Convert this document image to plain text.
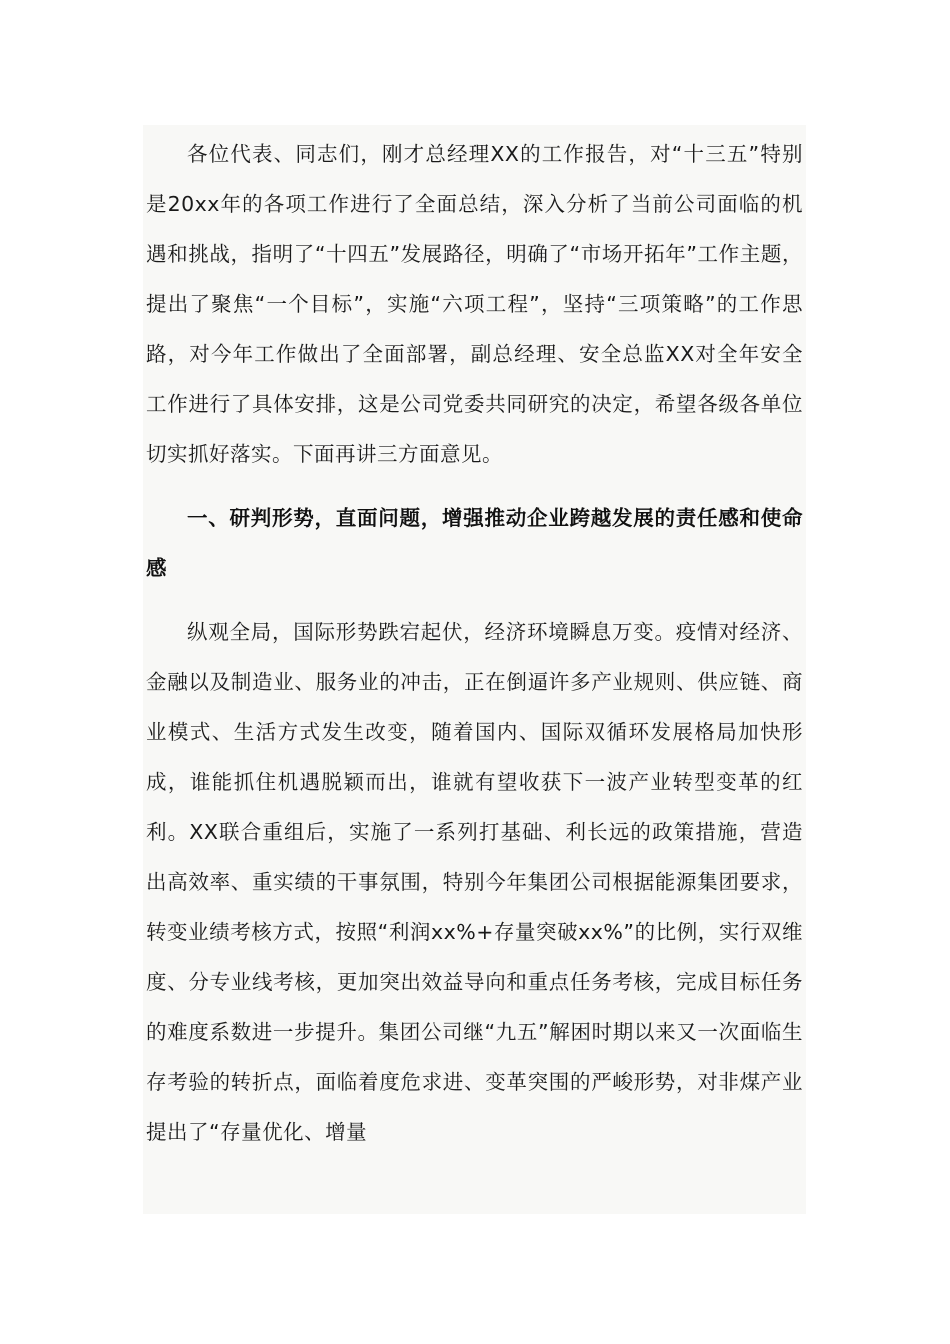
各位代表、同志们，刚才总经理XX的工作报告，对“十三五”特别是20xx年的各项工作进行了全面总结，深入分析了当前公司面临的机遇和挑战，指明了“十四五”发展路径，明确了“市场开拓年”工作主题，提出了聚焦“一个目标”，实施“六项工程”，坚持“三项策略”的工作思路，对今年工作做出了全面部署，副总经理、安全总监XX对全年安全工作进行了具体安排，这是公司党委共同研究的决定，希望各级各单位切实抓好落实。下面再讲三方面意见。

一、研判形势，直面问题，增强推动企业跨越发展的责任感和使命感

纵观全局，国际形势跌宕起伏，经济环境瞬息万变。疫情对经济、金融以及制造业、服务业的冲击，正在倒逼许多产业规则、供应链、商业模式、生活方式发生改变，随着国内、国际双循环发展格局加快形成，谁能抓住机遇脱颖而出，谁就有望收获下一波产业转型变革的红利。XX联合重组后，实施了一系列打基础、利长远的政策措施，营造出高效率、重实绩的干事氛围，特别今年集团公司根据能源集团要求，转变业绩考核方式，按照“利润xx%+存量突破xx%”的比例，实行双维度、分专业线考核，更加突出效益导向和重点任务考核，完成目标任务的难度系数进一步提升。集团公司继“九五”解困时期以来又一次面临生存考验的转折点，面临着度危求进、变革突围的严峻形势，对非煤产业提出了“存量优化、增量
